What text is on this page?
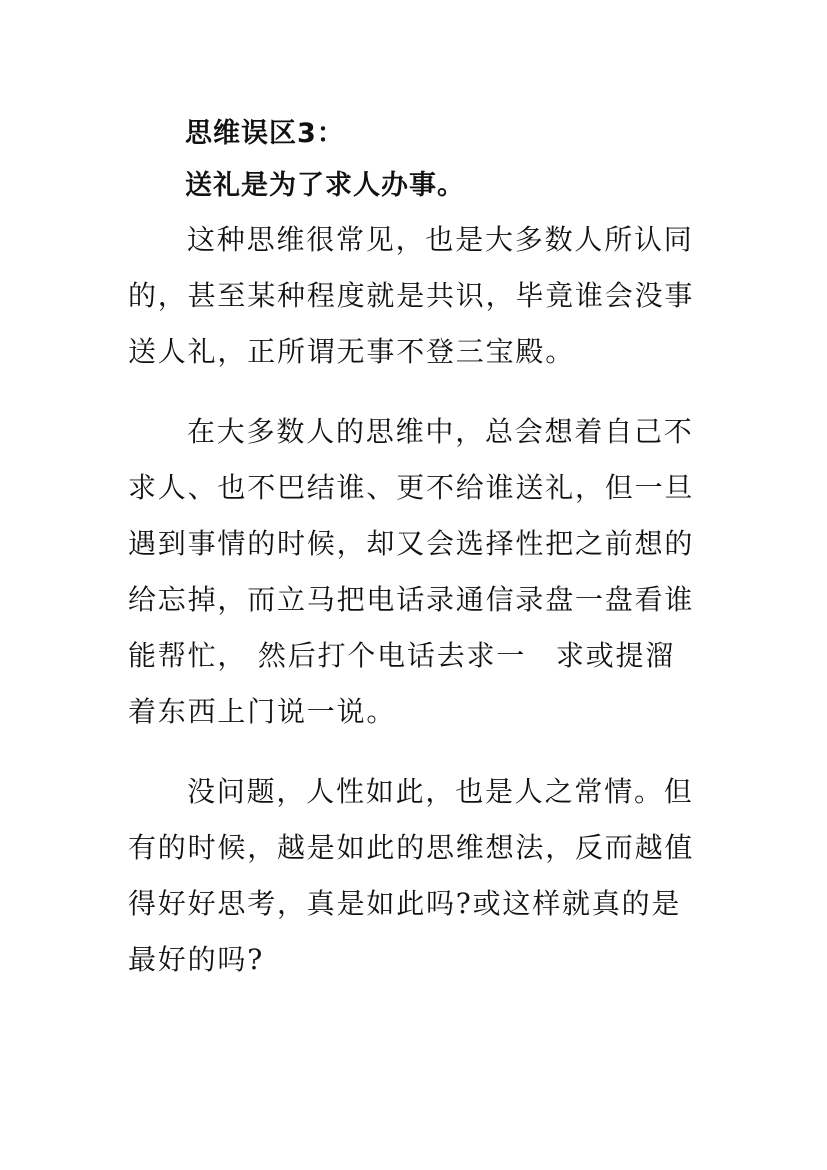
思维误区3：

送礼是为了求人办事。

这种思维很常见，也是大多数人所认同
的，甚至某种程度就是共识，毕竟谁会没事
送人礼，正所谓无事不登三宝殿。
在大多数人的思维中，总会想着自己不
求人、也不巴结谁、更不给谁送礼，但一旦
遇到事情的时候，却又会选择性把之前想的
给忘掉，而立马把电话录通信录盘一盘看谁
能帮忙， 然后打个电话去求一　求或提溜
着东西上门说一说。
没问题，人性如此，也是人之常情。但
有的时候，越是如此的思维想法，反而越值
得好好思考，真是如此吗?或这样就真的是
最好的吗?
